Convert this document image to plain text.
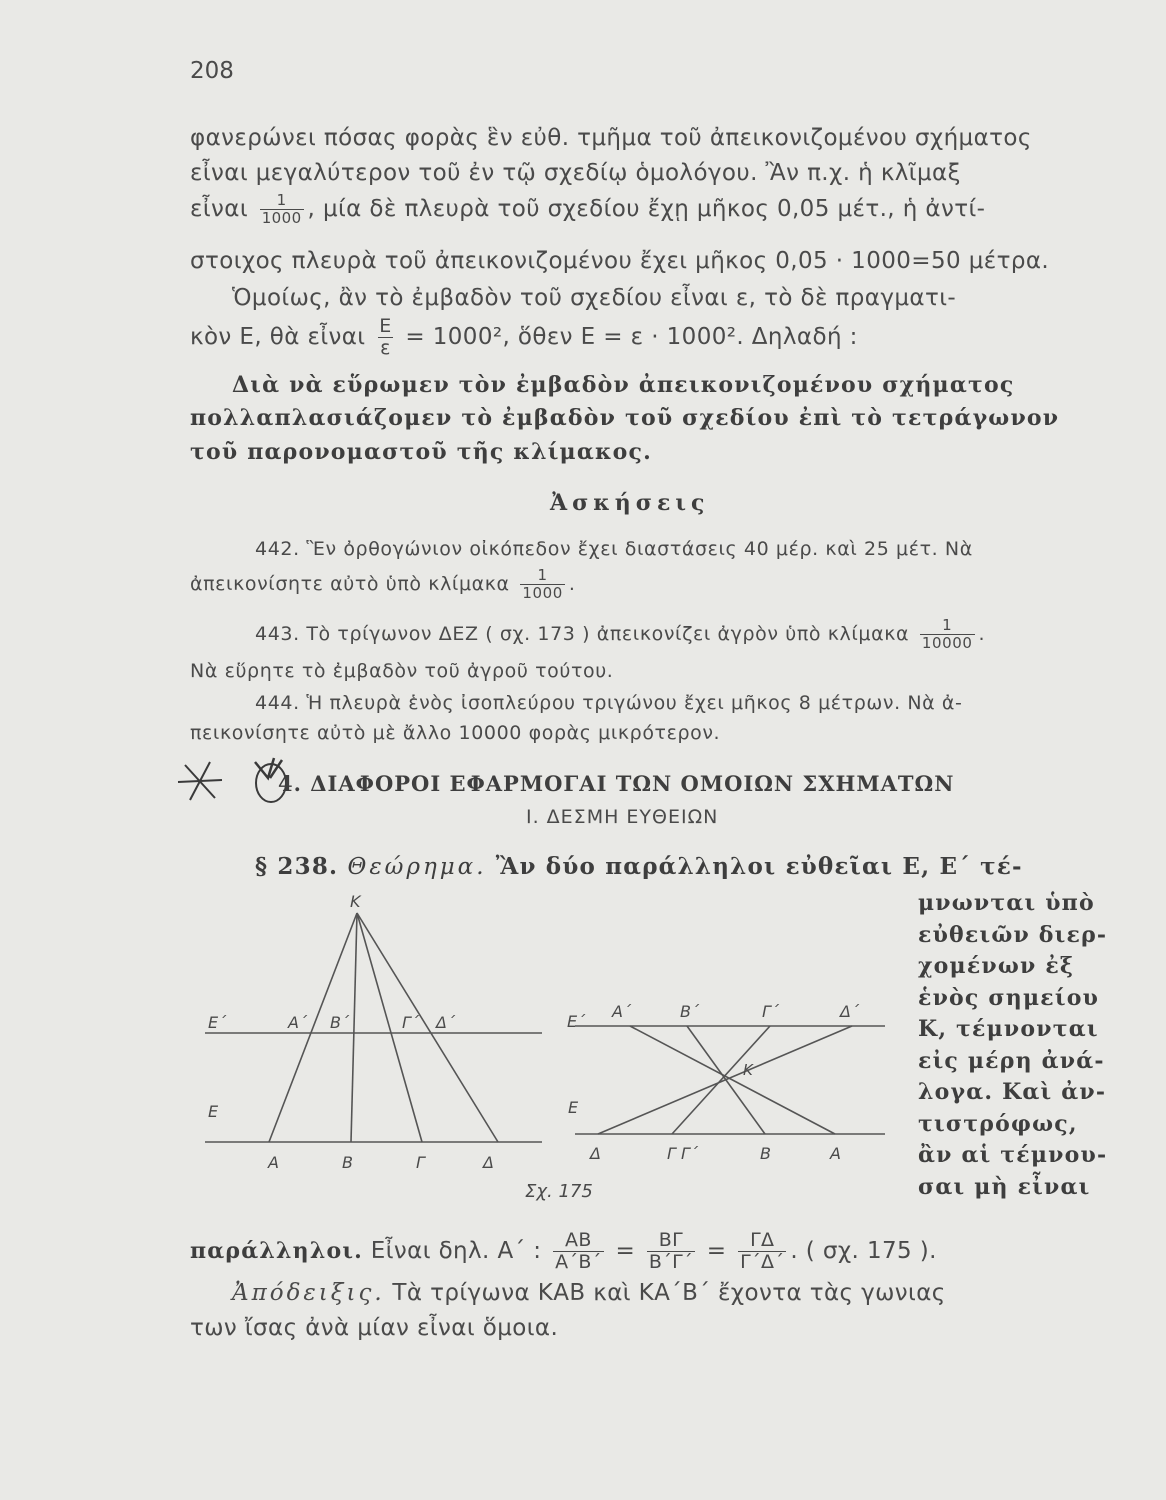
208
φανερώνει πόσας φορὰς ἓν εὐθ. τμῆμα τοῦ ἀπεικονιζομένου σχήματος
εἶναι μεγαλύτερον τοῦ ἐν τῷ σχεδίῳ ὁμολόγου. Ἂν π.χ. ἡ κλῖμαξ
εἶναι $\frac{1}{1000}$ , μία δὲ πλευρὰ τοῦ σχεδίου ἔχῃ μῆκος 0,05 μέτ., ἡ ἀντί-
στοιχος πλευρὰ τοῦ ἀπεικονιζομένου ἔχει μῆκος 0,05 · 1000=50 μέτρα.
Ὁμοίως, ἂν τὸ ἐμβαδὸν τοῦ σχεδίου εἶναι ε, τὸ δὲ πραγματι-
κὸν Ε, θὰ εἶναι $\frac{E}{\varepsilon} = 1000^2$, ὅθεν Ε = ε · 1000². Δηλαδή :
Διὰ νὰ εὕρωμεν τὸν ἐμβαδὸν ἀπεικονιζομένου σχήματος
πολλαπλασιάζομεν τὸ ἐμβαδὸν τοῦ σχεδίου ἐπὶ τὸ τετράγωνον
τοῦ παρονομαστοῦ τῆς κλίμακος.
Ἀσκήσεις
442. Ἓν ὀρθογώνιον οἰκόπεδον ἔχει διαστάσεις 40 μέρ. καὶ 25 μέτ. Νὰ
ἀπεικονίσητε αὐτὸ ὑπὸ κλίμακα $\frac{1}{1000}$ .
443. Τὸ τρίγωνον ΔΕΖ ( σχ. 173 ) ἀπεικονίζει ἀγρὸν ὑπὸ κλίμακα $\frac{1}{10000}$ .
Νὰ εὕρητε τὸ ἐμβαδὸν τοῦ ἀγροῦ τούτου.
444. Ἡ πλευρὰ ἑνὸς ἰσοπλεύρου τριγώνου ἔχει μῆκος 8 μέτρων. Νὰ ἀ-
πεικονίσητε αὐτὸ μὲ ἄλλο 10000 φορὰς μικρότερον.
4. ΔΙΑΦΟΡΟΙ ΕΦΑΡΜΟΓΑΙ ΤΩΝ ΟΜΟΙΩΝ ΣΧΗΜΑΤΩΝ
Ι. ΔΕΣΜΗ ΕΥΘΕΙΩΝ
§ 238. Θεώρημα. Ἂν δύο παράλληλοι εὐθεῖαι Ε, Ε΄ τέ-
μνωνται ὑπὸ
εὐθειῶν διερ-
χομένων ἐξ
ἑνὸς σημείου
Κ, τέμνονται
εἰς μέρη ἀνά-
λογα. Καὶ ἀν-
τιστρόφως,
ἂν αἱ τέμνου-
σαι μὴ εἶναι
Κ
Ε΄	Α΄ Β΄	Γ΄ Δ΄
Ε
Α	Β	Γ	Δ
Ε΄
Α΄	Β΄	Γ΄	Δ΄
Κ
Ε
Δ	Γ Γ΄	Β	Α
Σχ. 175
παράλληλοι. Εἶναι δηλ. Α΄ : $\frac{AB}{A΄B΄} = \frac{B\Gamma}{B΄\Gamma΄} = \frac{\Gamma\Delta}{\Gamma΄\Delta΄}$ . ( σχ. 175 ).
Ἀπόδειξις. Τὰ τρίγωνα ΚΑΒ καὶ ΚΑ΄Β΄ ἔχοντα τὰς γωνιας
των ἴσας ἀνὰ μίαν εἶναι ὅμοια.
